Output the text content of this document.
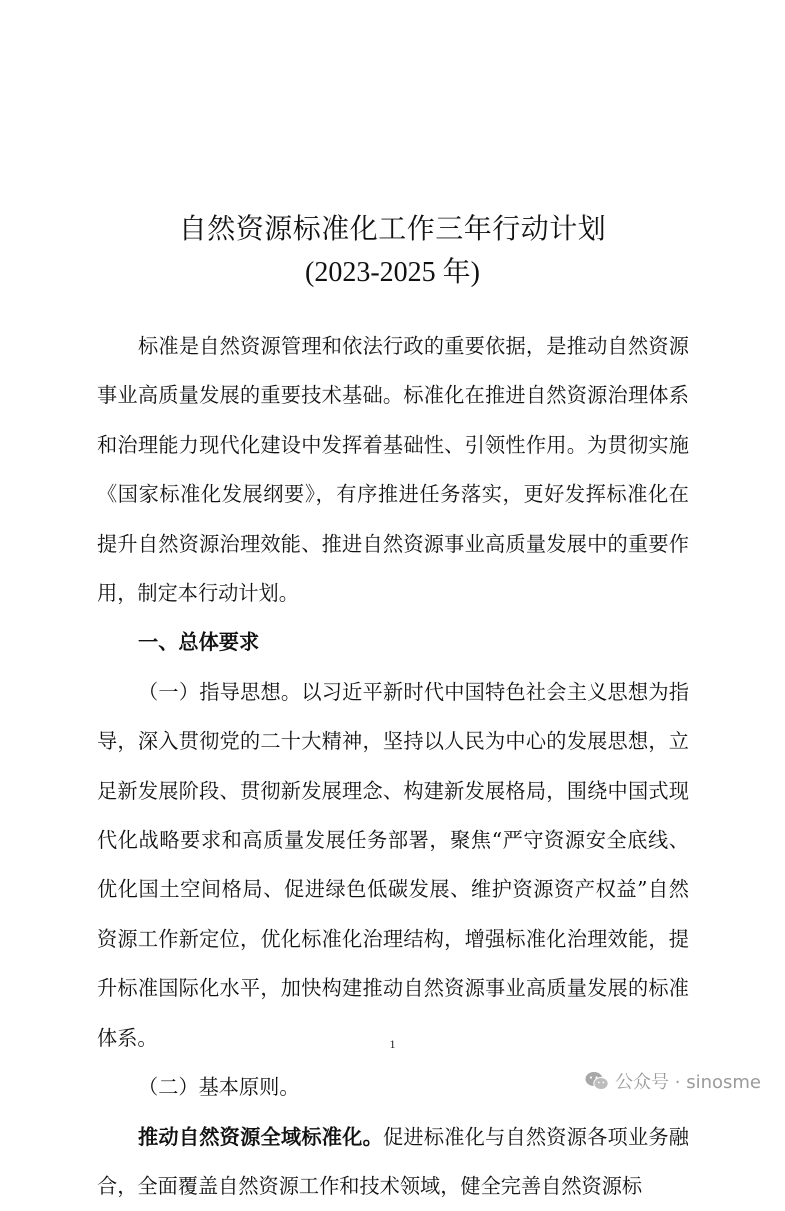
自然资源标准化工作三年行动计划
(2023-2025 年)

标准是自然资源管理和依法行政的重要依据，是推动自然资源事业高质量发展的重要技术基础。标准化在推进自然资源治理体系和治理能力现代化建设中发挥着基础性、引领性作用。为贯彻实施《国家标准化发展纲要》，有序推进任务落实，更好发挥标准化在提升自然资源治理效能、推进自然资源事业高质量发展中的重要作用，制定本行动计划。

一、总体要求

（一）指导思想。以习近平新时代中国特色社会主义思想为指导，深入贯彻党的二十大精神，坚持以人民为中心的发展思想，立足新发展阶段、贯彻新发展理念、构建新发展格局，围绕中国式现代化战略要求和高质量发展任务部署，聚焦“严守资源安全底线、优化国土空间格局、促进绿色低碳发展、维护资源资产权益”自然资源工作新定位，优化标准化治理结构，增强标准化治理效能，提升标准国际化水平，加快构建推动自然资源事业高质量发展的标准体系。

（二）基本原则。

推动自然资源全域标准化。促进标准化与自然资源各项业务融合，全面覆盖自然资源工作和技术领域，健全完善自然资源标

1
公众号 · sinosme
